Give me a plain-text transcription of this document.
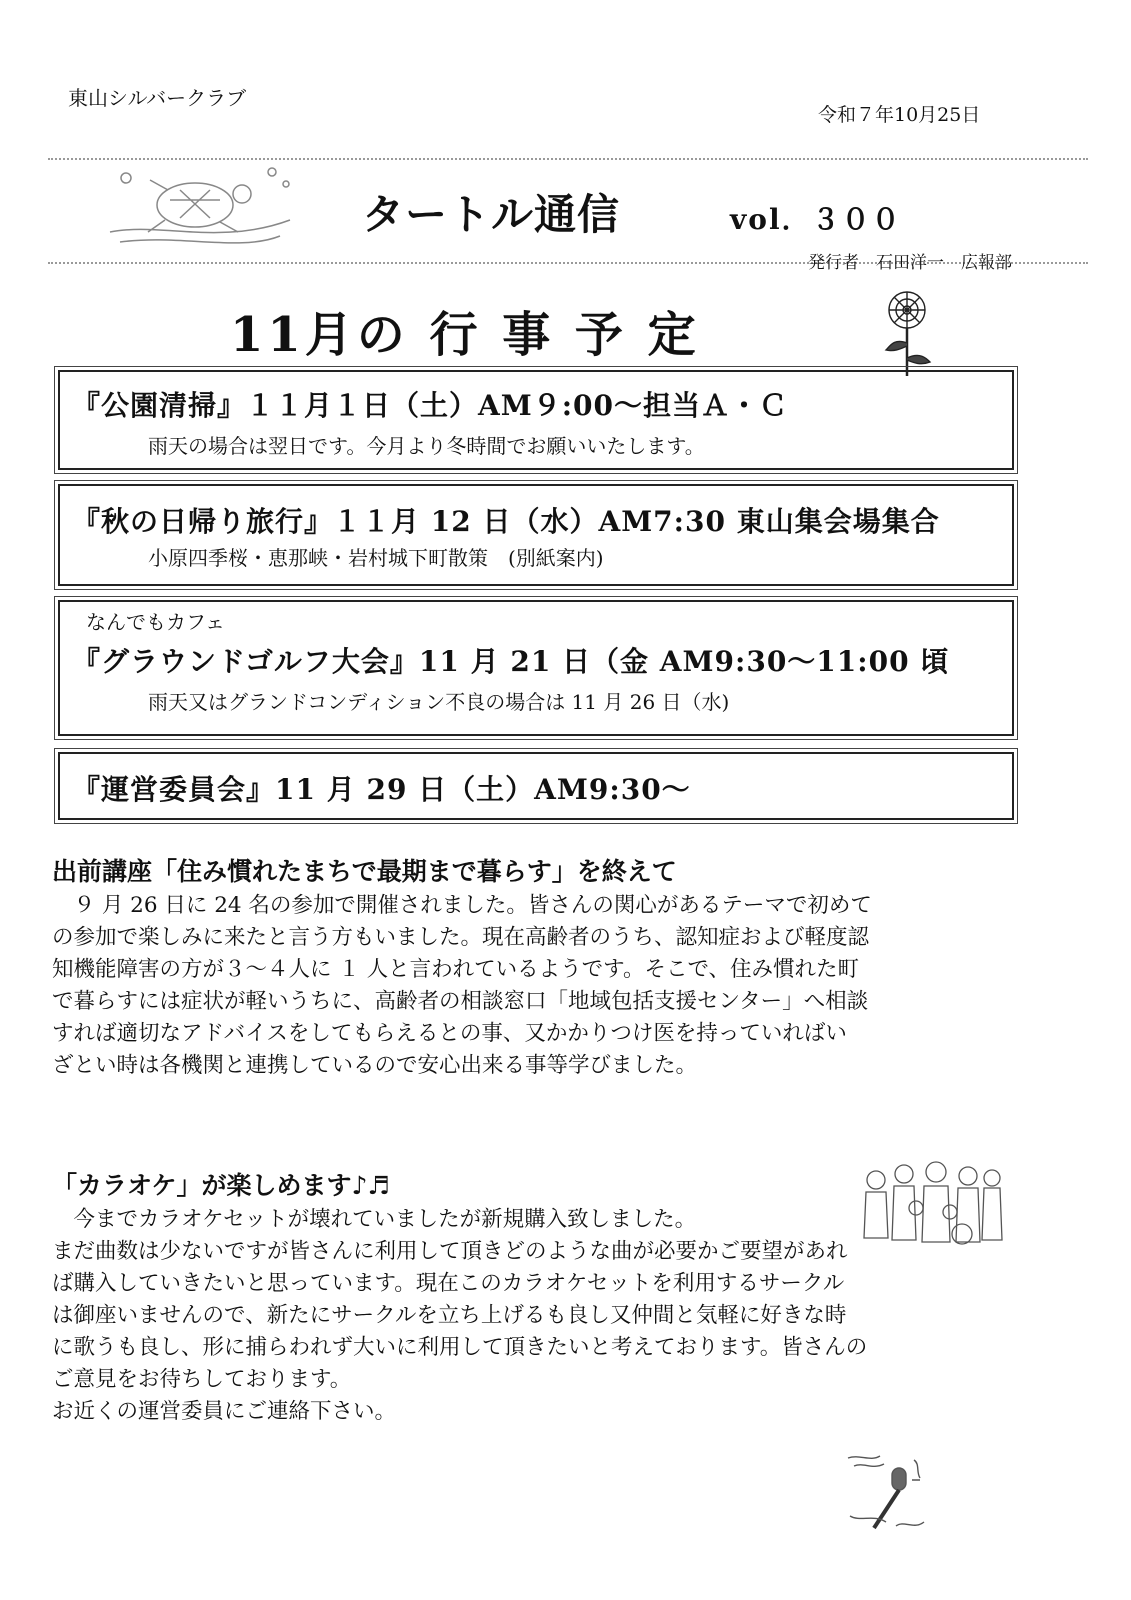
東山シルバークラブ
令和７年10月25日
タートル通信	vol．３００
発行者　石田洋一　広報部
11月の 行 事 予 定
『公園清掃』１１月１日（土）AM９:00～担当Ａ・Ｃ
雨天の場合は翌日です。今月より冬時間でお願いいたします。
『秋の日帰り旅行』１１月 12 日（水）AM7:30 東山集会場集合
小原四季桜・恵那峡・岩村城下町散策　(別紙案内)
なんでもカフェ
『グラウンドゴルフ大会』11 月 21 日（金 AM9:30～11:00 頃
雨天又はグランドコンディション不良の場合は 11 月 26 日（水)
『運営委員会』11 月 29 日（土）AM9:30～
出前講座「住み慣れたまちで最期まで暮らす」を終えて
　９ 月 26 日に 24 名の参加で開催されました。皆さんの関心があるテーマで初めて
の参加で楽しみに来たと言う方もいました。現在高齢者のうち、認知症および軽度認
知機能障害の方が３～４人に １ 人と言われているようです。そこで、住み慣れた町
で暮らすには症状が軽いうちに、高齢者の相談窓口「地域包括支援センター」へ相談
すれば適切なアドバイスをしてもらえるとの事、又かかりつけ医を持っていればい
ざとい時は各機関と連携しているので安心出来る事等学びました。
「カラオケ」が楽しめます♪♬
　今までカラオケセットが壊れていましたが新規購入致しました。
まだ曲数は少ないですが皆さんに利用して頂きどのような曲が必要かご要望があれ
ば購入していきたいと思っています。現在このカラオケセットを利用するサークル
は御座いませんので、新たにサークルを立ち上げるも良し又仲間と気軽に好きな時
に歌うも良し、形に捕らわれず大いに利用して頂きたいと考えております。皆さんの
ご意見をお待ちしております。
お近くの運営委員にご連絡下さい。
